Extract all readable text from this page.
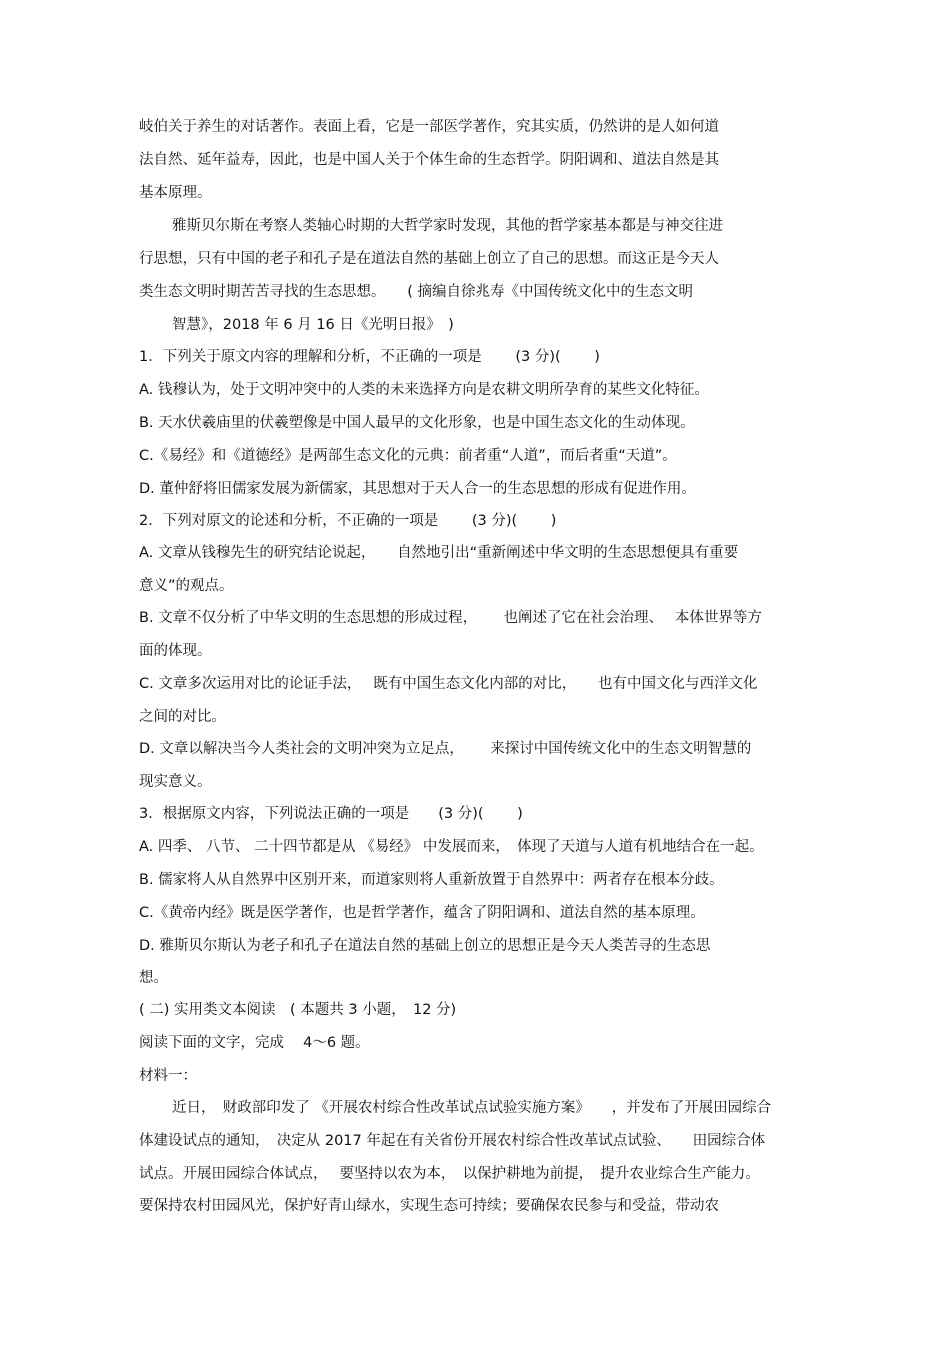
岐伯关于养生的对话著作。表面上看，它是一部医学著作，究其实质，仍然讲的是人如何道
法自然、延年益寿，因此，也是中国人关于个体生命的生态哲学。阴阳调和、道法自然是其
基本原理。
雅斯贝尔斯在考察人类轴心时期的大哲学家时发现，其他的哲学家基本都是与神交往进
行思想，只有中国的老子和孔子是在道法自然的基础上创立了自己的思想。而这正是今天人
类生态文明时期苦苦寻找的生态思想。　　( 摘编自徐兆寿《中国传统文化中的生态文明
智慧》，2018 年 6 月 16 日《光明日报》　)
1．下列关于原文内容的理解和分析，不正确的一项是　　 (3 分)(　　 )
A. 钱穆认为，处于文明冲突中的人类的未来选择方向是农耕文明所孕育的某些文化特征。
B. 天水伏羲庙里的伏羲塑像是中国人最早的文化形象，也是中国生态文化的生动体现。
C.《易经》和《道德经》是两部生态文化的元典：前者重“人道”，而后者重“天道”。
D. 董仲舒将旧儒家发展为新儒家，其思想对于天人合一的生态思想的形成有促进作用。
2．下列对原文的论述和分析，不正确的一项是　　 (3 分)(　　 )
A. 文章从钱穆先生的研究结论说起，　　自然地引出“重新阐述中华文明的生态思想便具有重要
意义”的观点。
B. 文章不仅分析了中华文明的生态思想的形成过程，　　 也阐述了它在社会治理、　 本体世界等方
面的体现。
C. 文章多次运用对比的论证手法，　 既有中国生态文化内部的对比，　　也有中国文化与西洋文化
之间的对比。
D. 文章以解决当今人类社会的文明冲突为立足点，　　 来探讨中国传统文化中的生态文明智慧的
现实意义。
3．根据原文内容，下列说法正确的一项是　　(3 分)(　　 )
A. 四季、 八节、 二十四节都是从 《易经》 中发展而来，　体现了天道与人道有机地结合在一起。
B. 儒家将人从自然界中区别开来，而道家则将人重新放置于自然界中：两者存在根本分歧。
C.《黄帝内经》既是医学著作，也是哲学著作，蕴含了阴阳调和、道法自然的基本原理。
D. 雅斯贝尔斯认为老子和孔子在道法自然的基础上创立的思想正是今天人类苦寻的生态思
想。
( 二) 实用类文本阅读　( 本题共 3 小题，　12 分)
阅读下面的文字，完成　 4～6 题。
材料一：
近日，　财政部印发了 《开展农村综合性改革试点试验实施方案》　　，并发布了开展田园综合
体建设试点的通知，　决定从 2017 年起在有关省份开展农村综合性改革试点试验、　　田园综合体
试点。开展田园综合体试点，　 要坚持以农为本，　以保护耕地为前提，　提升农业综合生产能力。
要保持农村田园风光，保护好青山绿水，实现生态可持续；要确保农民参与和受益，带动农
